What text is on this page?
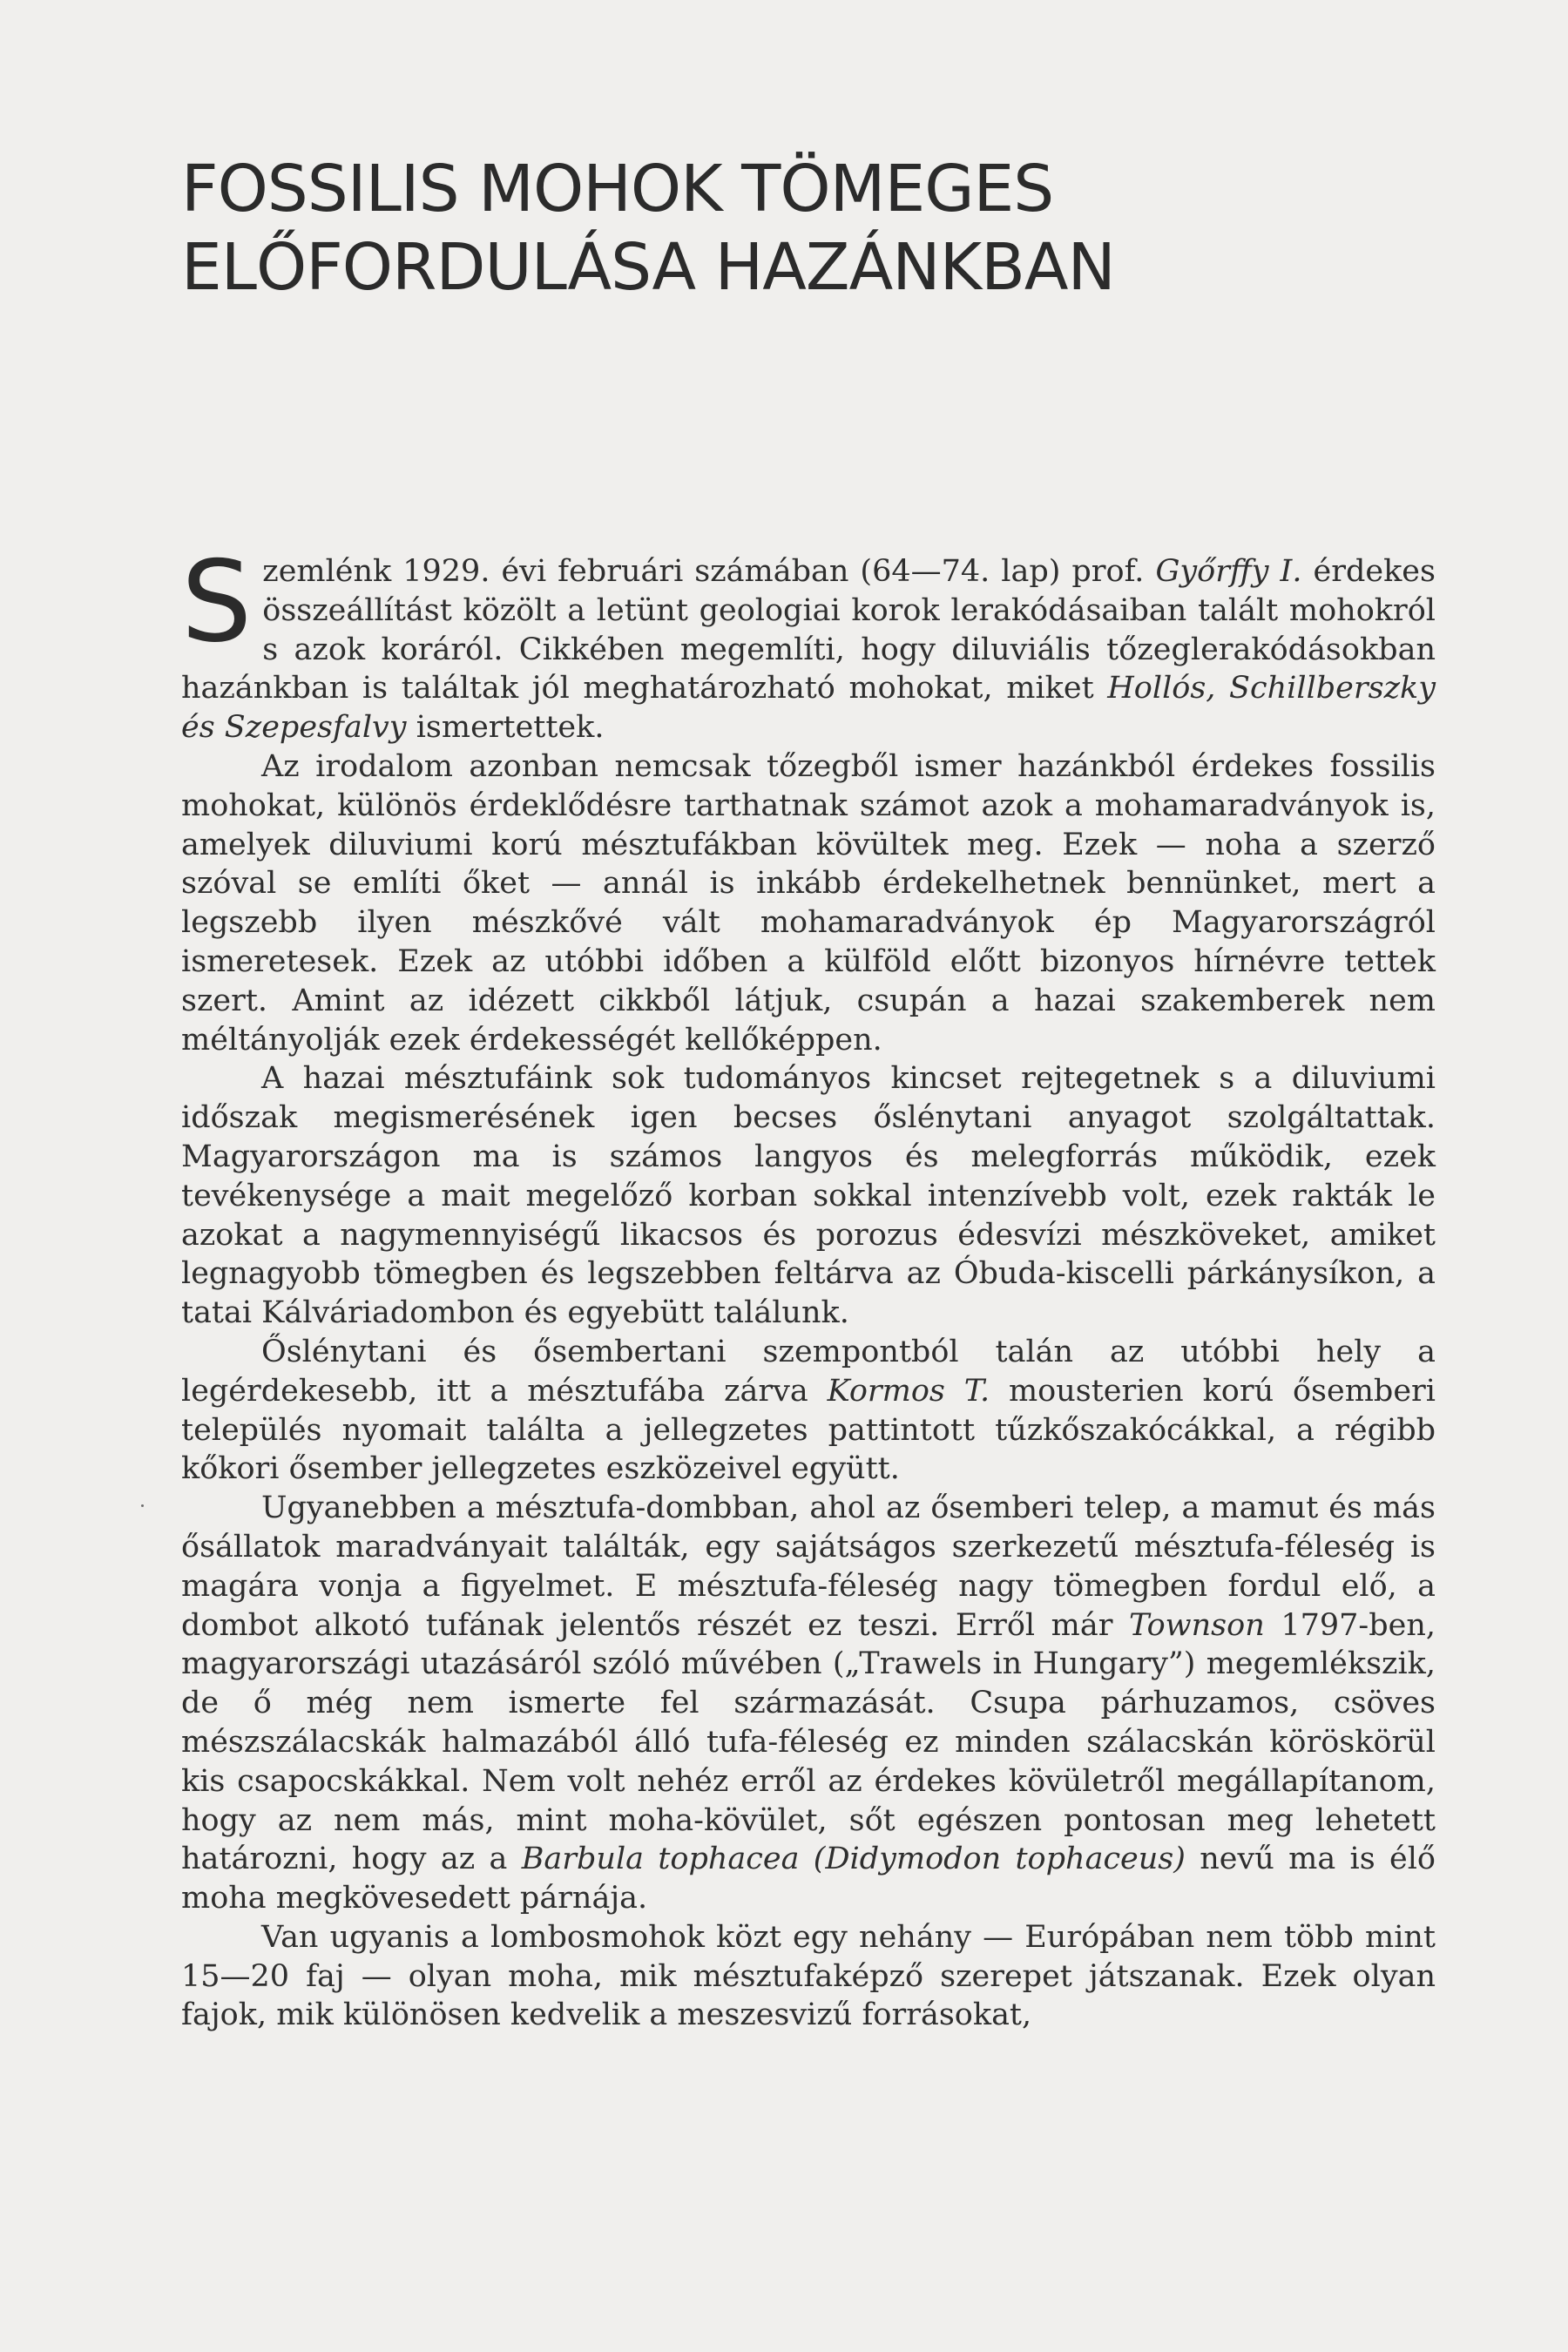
FOSSILIS MOHOK TÖMEGES
ELŐFORDULÁSA HAZÁNKBAN

Szemlénk 1929. évi februári számában (64—74. lap) prof. Győrffy I. érdekes összeállítást közölt a letünt geologiai korok lerakódásaiban talált mohokról s azok koráról. Cikkében megemlíti, hogy diluviális tőzeglerakódásokban hazánkban is találtak jól meghatározható mohokat, miket Hollós, Schillberszky és Szepesfalvy ismertettek.

Az irodalom azonban nemcsak tőzegből ismer hazánkból érdekes fossilis mohokat, különös érdeklődésre tarthatnak számot azok a mohamaradványok is, amelyek diluviumi korú mésztufákban kövültek meg. Ezek — noha a szerző szóval se említi őket — annál is inkább érdekelhetnek bennünket, mert a legszebb ilyen mészkővé vált mohamaradványok ép Magyarországról ismeretesek. Ezek az utóbbi időben a külföld előtt bizonyos hírnévre tettek szert. Amint az idézett cikkből látjuk, csupán a hazai szakemberek nem méltányolják ezek érdekességét kellőképpen.

A hazai mésztufáink sok tudományos kincset rejtegetnek s a diluviumi időszak megismerésének igen becses őslénytani anyagot szolgáltattak. Magyarországon ma is számos langyos és melegforrás működik, ezek tevékenysége a mait megelőző korban sokkal intenzívebb volt, ezek rakták le azokat a nagymennyiségű likacsos és porozus édesvízi mészköveket, amiket legnagyobb tömegben és legszebben feltárva az Óbuda-kiscelli párkánysíkon, a tatai Kálváriadombon és egyebütt találunk.

Őslénytani és ősembertani szempontból talán az utóbbi hely a legérdekesebb, itt a mésztufába zárva Kormos T. mousterien korú ősemberi település nyomait találta a jellegzetes pattintott tűzkőszakócákkal, a régibb kőkori ősember jellegzetes eszközeivel együtt.

Ugyanebben a mésztufa-dombban, ahol az ősemberi telep, a mamut és más ősállatok maradványait találták, egy sajátságos szerkezetű mésztufa-féleség is magára vonja a figyelmet. E mésztufa-féleség nagy tömegben fordul elő, a dombot alkotó tufának jelentős részét ez teszi. Erről már Townson 1797-ben, magyarországi utazásáról szóló művében („Trawels in Hungary”) megemlékszik, de ő még nem ismerte fel származását. Csupa párhuzamos, csöves mészszálacskák halmazából álló tufa-féleség ez minden szálacskán köröskörül kis csapocskákkal. Nem volt nehéz erről az érdekes kövületről megállapítanom, hogy az nem más, mint moha-kövület, sőt egészen pontosan meg lehetett határozni, hogy az a Barbula tophacea (Didymodon tophaceus) nevű ma is élő moha megkövesedett párnája.

Van ugyanis a lombosmohok közt egy nehány — Európában nem több mint 15—20 faj — olyan moha, mik mésztufaképző szerepet játszanak. Ezek olyan fajok, mik különösen kedvelik a meszesvizű forrásokat,
